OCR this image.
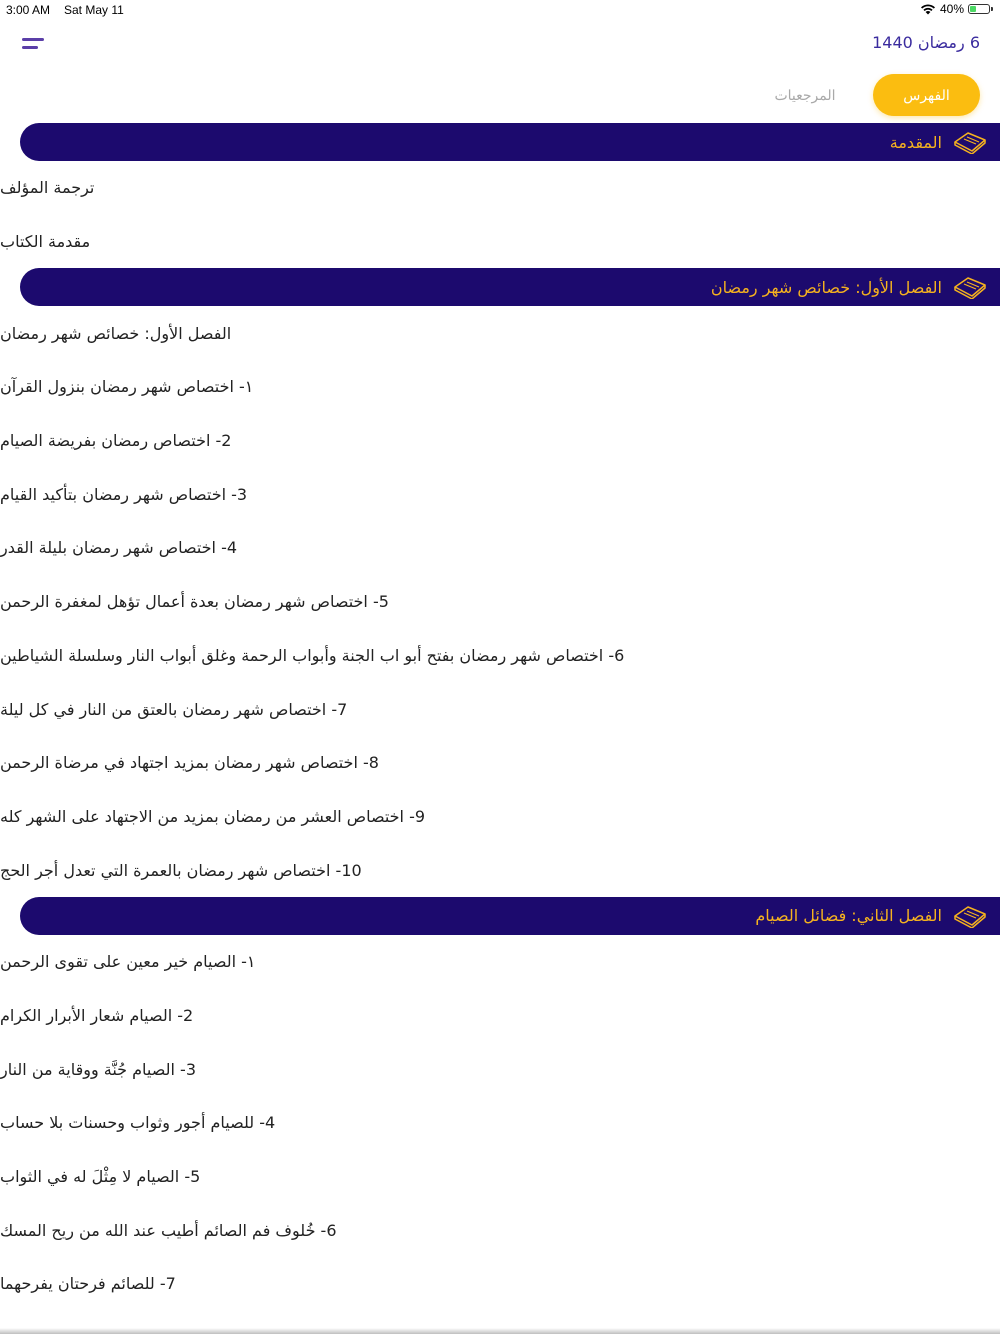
3:00 AM Sat May 11	40%
6 رمضان 1440
الفهرس
المرجعيات
المقدمة
ترجمة المؤلف
مقدمة الكتاب
الفصل الأول: خصائص شهر رمضان
الفصل الأول: خصائص شهر رمضان
١- اختصاص شهر رمضان بنزول القرآن
2- اختصاص رمضان بفريضة الصيام
3- اختصاص شهر رمضان بتأكيد القيام
4- اختصاص شهر رمضان بليلة القدر
5- اختصاص شهر رمضان بعدة أعمال تؤهل لمغفرة الرحمن
6- اختصاص شهر رمضان بفتح أبو اب الجنة وأبواب الرحمة وغلق أبواب النار وسلسلة الشياطين
7- اختصاص شهر رمضان بالعتق من النار في كل ليلة
8- اختصاص شهر رمضان بمزيد اجتهاد في مرضاة الرحمن
9- اختصاص العشر من رمضان بمزيد من الاجتهاد على الشهر كله
10- اختصاص شهر رمضان بالعمرة التي تعدل أجر الحج
الفصل الثاني: فضائل الصيام
١- الصيام خير معين على تقوى الرحمن
2- الصيام شعار الأبرار الكرام
3- الصيام جُنَّة ووقاية من النار
4- للصيام أجور وثواب وحسنات بلا حساب
5- الصيام لا مِثْلَ له في الثواب
6- خُلوف فم الصائم أطيب عند الله من ريح المسك
7- للصائم فرحتان يفرحهما
